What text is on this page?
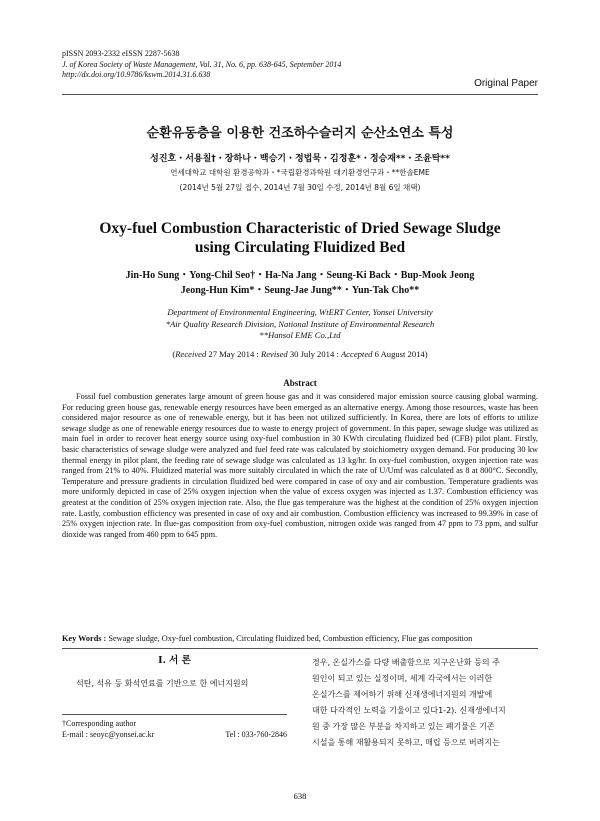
pISSN 2093-2332 eISSN 2287-5638
J. of Korea Society of Waste Management, Vol. 31, No. 6, pp. 638-645, September 2014
http://dx.doi.org/10.9786/kswm.2014.31.6.638
Original Paper
순환유동층을 이용한 건조하수슬러지 순산소연소 특성
성진호・서용칠†・장하나・백승기・정법묵・김정훈*・정승재**・조윤탁**
연세대학교 대학원 환경공학과・*국립환경과학원 대기환경연구과・**한솔EME
(2014년 5월 27일 접수, 2014년 7월 30일 수정, 2014년 8월 6일 채택)
Oxy-fuel Combustion Characteristic of Dried Sewage Sludge
using Circulating Fluidized Bed
Jin-Ho Sung・Yong-Chil Seo†・Ha-Na Jang・Seung-Ki Back・Bup-Mook Jeong
Jeong-Hun Kim*・Seung-Jae Jung**・Yun-Tak Cho**
Department of Environmental Engineering, WtERT Center, Yonsei University
*Air Quality Research Division, National Institute of Environmental Research
**Hansol EME Co.,Ltd
(Received 27 May 2014 : Revised 30 July 2014 : Accepted 6 August 2014)
Abstract

Fossil fuel combustion generates large amount of green house gas and it was considered major emission source causing global warming. For reducing green house gas, renewable energy resources have been emerged as an alternative energy. Among those resources, waste has been considered major resource as one of renewable energy, but it has been not utilized sufficiently. In Korea, there are lots of efforts to utilize sewage sludge as one of renewable energy resources due to waste to energy project of government. In this paper, sewage sludge was utilized as main fuel in order to recover heat energy source using oxy-fuel combustion in 30 KWth circulating fluidized bed (CFB) pilot plant. Firstly, basic characteristics of sewage sludge were analyzed and fuel feed rate was calculated by stoichiometry oxygen demand. For producing 30 kw thermal energy in pilot plant, the feeding rate of sewage sludge was calculated as 13 kg/hr. In oxy-fuel combustion, oxygen injection rate was ranged from 21% to 40%. Fluidized material was more suitably circulated in which the rate of U/Umf was calculated as 8 at 800°C. Secondly, Temperature and pressure gradients in circulation fluidized bed were compared in case of oxy and air combustion. Temperature gradients was more uniformly depicted in case of 25% oxygen injection when the value of excess oxygen was injected as 1.37. Combustion efficiency was greatest at the condition of 25% oxygen injection rate. Also, the flue gas temperature was the highest at the condition of 25% oxygen injection rate. Lastly, combustion efficiency was presented in case of oxy and air combustion. Combustion efficiency was increased to 99.39% in case of 25% oxygen injection rate. In flue-gas composition from oxy-fuel combustion, nitrogen oxide was ranged from 47 ppm to 73 ppm, and sulfur dioxide was ranged from 460 ppm to 645 ppm.

Key Words : Sewage sludge, Oxy-fuel combustion, Circulating fluidized bed, Combustion efficiency, Flue gas composition
I. 서 론
석탄, 석유 등 화석연료를 기반으로 한 에너지원의
†Corresponding author
E-mail : seoyc@yonsei.ac.kr	Tel : 033-760-2846
경우, 온실가스를 다량 배출함으로 지구온난화 등의 주
원인이 되고 있는 실정이며, 세계 각국에서는 이러한
온실가스를 제어하기 위해 신재생에너지원의 개발에
대한 다각적인 노력을 기울이고 있다1-2). 신재생에너지
원 중 가장 많은 부분을 차지하고 있는 폐기물은 기존
시설을 통해 재활용되지 못하고, 매립 등으로 버려지는
638
